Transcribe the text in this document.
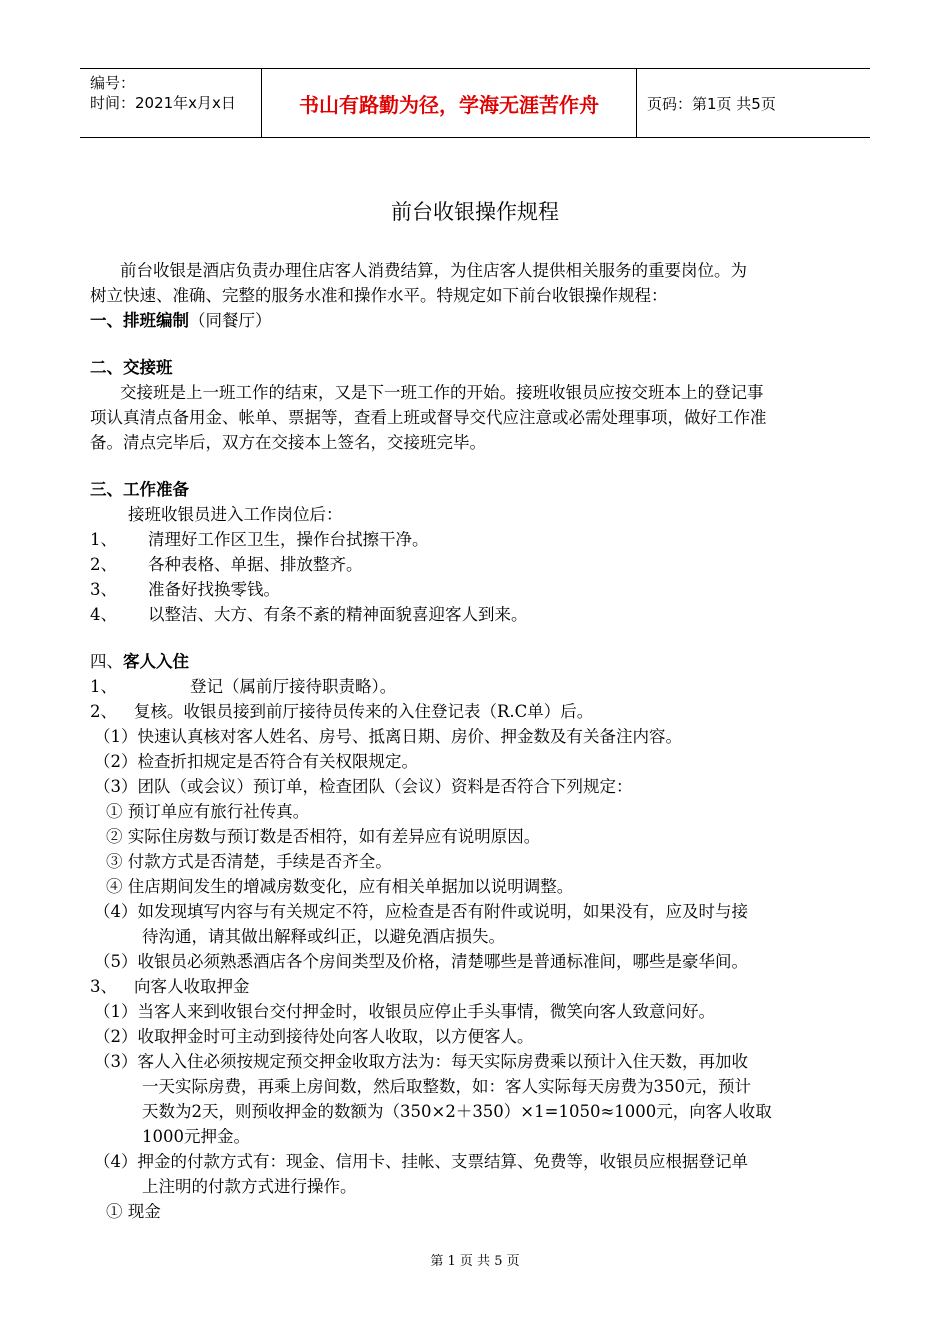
编号：
时间：2021年x月x日	书山有路勤为径，学海无涯苦作舟	页码：第1页 共5页
前台收银操作规程
前台收银是酒店负责办理住店客人消费结算，为住店客人提供相关服务的重要岗位。为
树立快速、准确、完整的服务水准和操作水平。特规定如下前台收银操作规程：
一、排班编制（同餐厅）
二、交接班
交接班是上一班工作的结束，又是下一班工作的开始。接班收银员应按交班本上的登记事
项认真清点备用金、帐单、票据等，查看上班或督导交代应注意或必需处理事项，做好工作准
备。清点完毕后，双方在交接本上签名，交接班完毕。
三、工作准备
接班收银员进入工作岗位后：
1、 清理好工作区卫生，操作台拭擦干净。
2、 各种表格、单据、排放整齐。
3、 准备好找换零钱。
4、 以整洁、大方、有条不紊的精神面貌喜迎客人到来。
四、客人入住
1、	登记（属前厅接待职责略）。
2、 复核。收银员接到前厅接待员传来的入住登记表（R.C单）后。
（1）快速认真核对客人姓名、房号、抵离日期、房价、押金数及有关备注内容。
（2）检查折扣规定是否符合有关权限规定。
（3）团队（或会议）预订单，检查团队（会议）资料是否符合下列规定：
① 预订单应有旅行社传真。
② 实际住房数与预订数是否相符，如有差异应有说明原因。
③ 付款方式是否清楚，手续是否齐全。
④ 住店期间发生的增减房数变化，应有相关单据加以说明调整。
（4）如发现填写内容与有关规定不符，应检查是否有附件或说明，如果没有，应及时与接
待沟通，请其做出解释或纠正，以避免酒店损失。
（5）收银员必须熟悉酒店各个房间类型及价格，清楚哪些是普通标准间，哪些是豪华间。
3、 向客人收取押金
（1）当客人来到收银台交付押金时，收银员应停止手头事情，微笑向客人致意问好。
（2）收取押金时可主动到接待处向客人收取，以方便客人。
（3）客人入住必须按规定预交押金收取方法为：每天实际房费乘以预计入住天数，再加收
一天实际房费，再乘上房间数，然后取整数，如：客人实际每天房费为350元，预计
天数为2天，则预收押金的数额为（350×2＋350）×1=1050≈1000元，向客人收取
1000元押金。
（4）押金的付款方式有：现金、信用卡、挂帐、支票结算、免费等，收银员应根据登记单
上注明的付款方式进行操作。
① 现金
第 1 页 共 5 页
